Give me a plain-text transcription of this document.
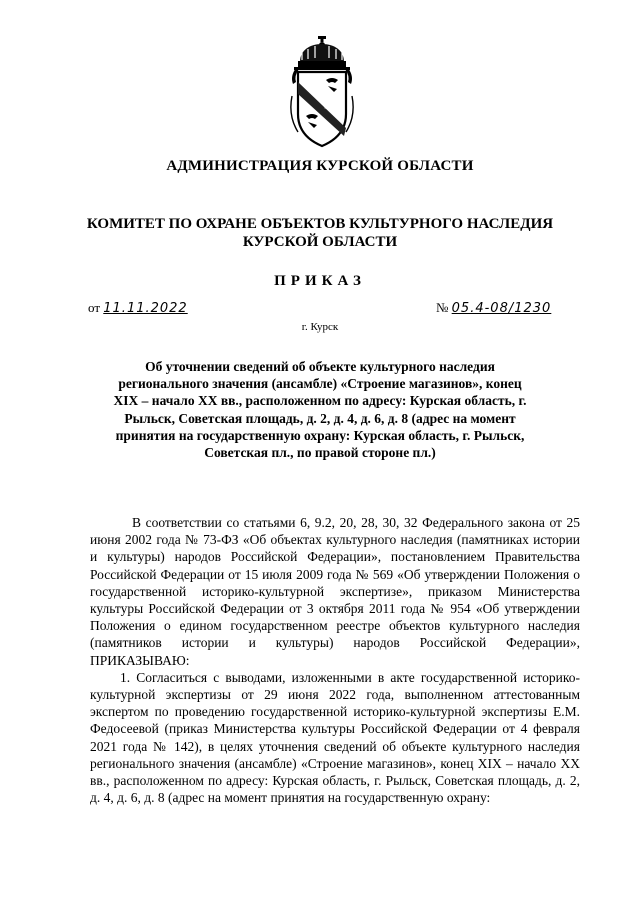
АДМИНИСТРАЦИЯ КУРСКОЙ ОБЛАСТИ
КОМИТЕТ ПО ОХРАНЕ ОБЪЕКТОВ КУЛЬТУРНОГО НАСЛЕДИЯ
КУРСКОЙ ОБЛАСТИ
ПРИКАЗ
от 11.11.2022	№ 05.4-08/1230
г. Курск
Об уточнении сведений об объекте культурного наследия регионального значения (ансамбле) «Строение магазинов», конец XIX – начало XX вв., расположенном по адресу: Курская область, г. Рыльск, Советская площадь, д. 2, д. 4, д. 6, д. 8 (адрес на момент принятия на государственную охрану: Курская область, г. Рыльск, Советская пл., по правой стороне пл.)

В соответствии со статьями 6, 9.2, 20, 28, 30, 32 Федерального закона от 25 июня 2002 года № 73-ФЗ «Об объектах культурного наследия (памятниках истории и культуры) народов Российской Федерации», постановлением Правительства Российской Федерации от 15 июля 2009 года № 569 «Об утверждении Положения о государственной историко-культурной экспертизе», приказом Министерства культуры Российской Федерации от 3 октября 2011 года № 954 «Об утверждении Положения о едином государственном реестре объектов культурного наследия (памятников истории и культуры) народов Российской Федерации», ПРИКАЗЫВАЮ:

1. Согласиться с выводами, изложенными в акте государственной историко-культурной экспертизы от 29 июня 2022 года, выполненном аттестованным экспертом по проведению государственной историко-культурной экспертизы Е.М. Федосеевой (приказ Министерства культуры Российской Федерации от 4 февраля 2021 года № 142), в целях уточнения сведений об объекте культурного наследия регионального значения (ансамбле) «Строение магазинов», конец XIX – начало XX вв., расположенном по адресу: Курская область, г. Рыльск, Советская площадь, д. 2, д. 4, д. 6, д. 8 (адрес на момент принятия на государственную охрану:
